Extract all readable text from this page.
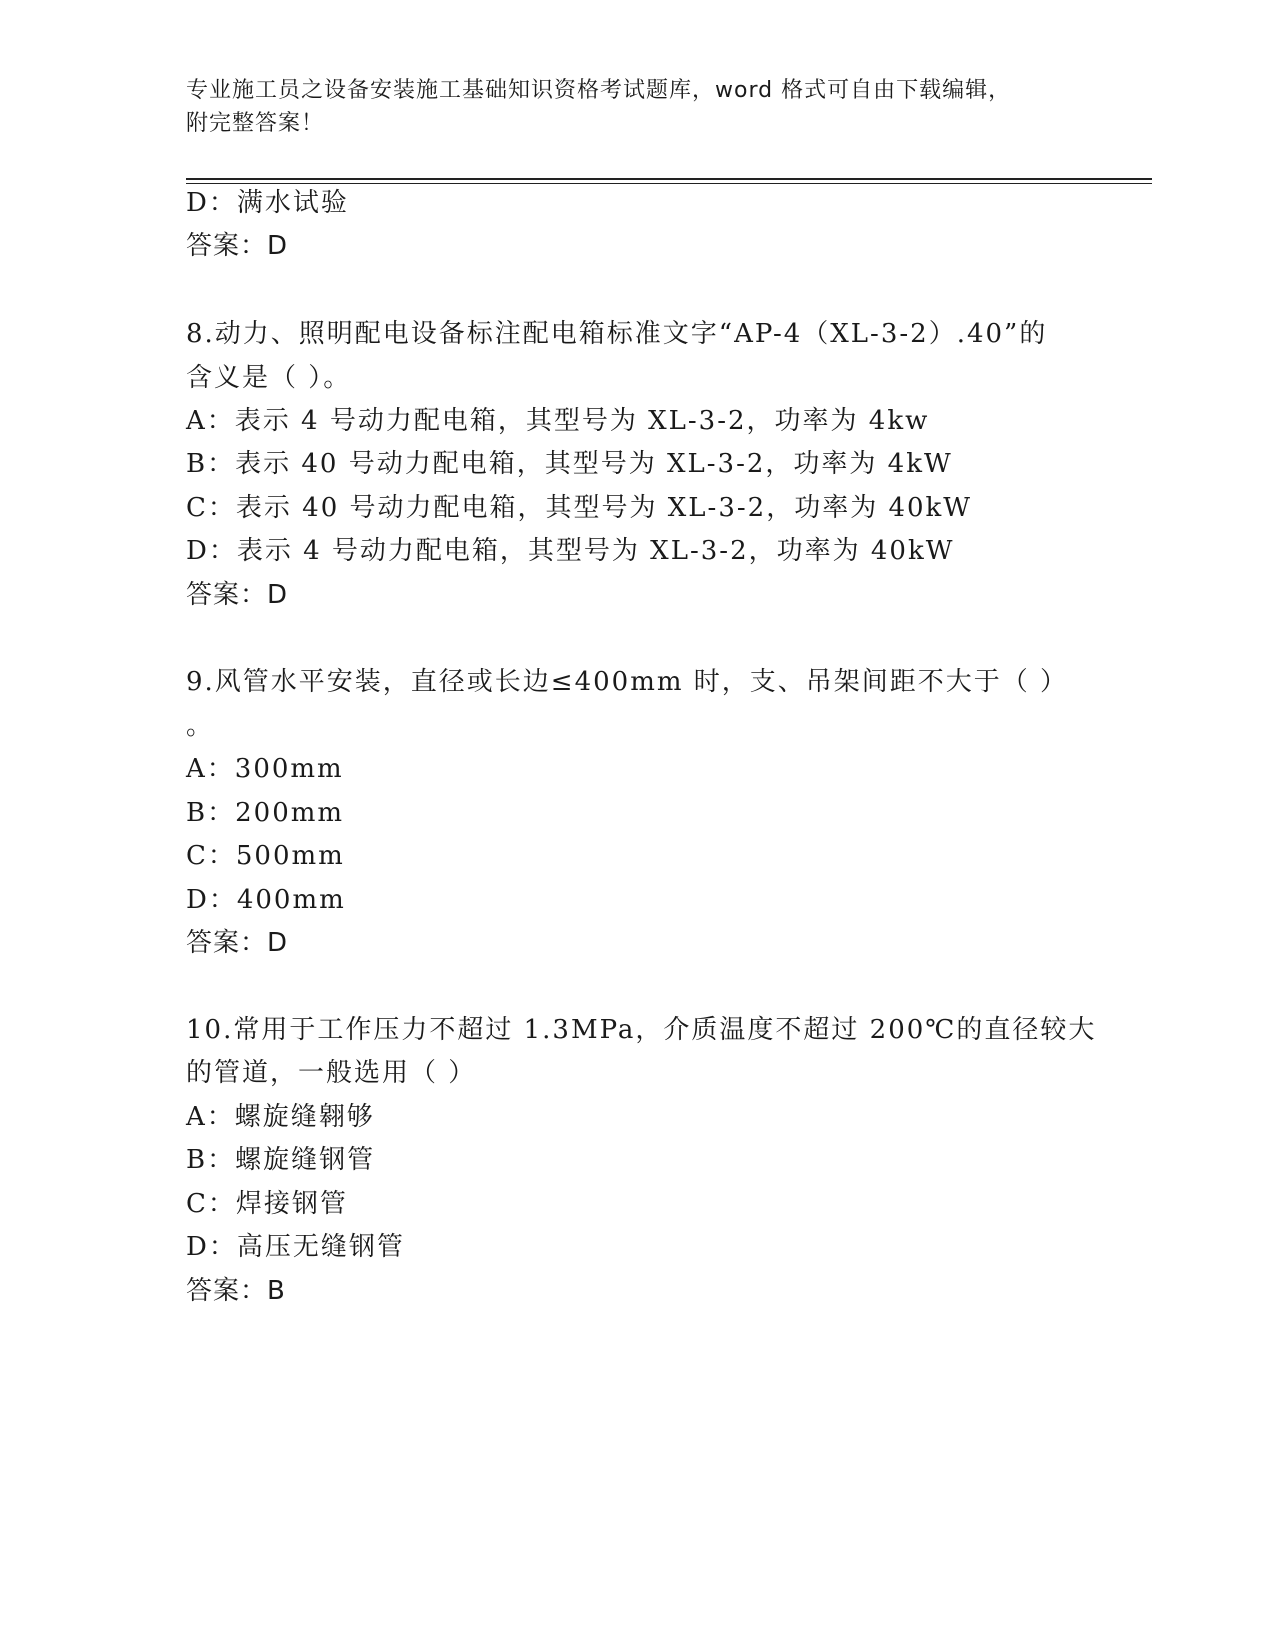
专业施工员之设备安装施工基础知识资格考试题库，word 格式可自由下载编辑，
附完整答案！
D：满水试验
答案：D
8.动力、照明配电设备标注配电箱标准文字“AP-4（XL-3-2）.40”的
含义是（ ）。
A：表示 4 号动力配电箱，其型号为 XL-3-2，功率为 4kw
B：表示 40 号动力配电箱，其型号为 XL-3-2，功率为 4kW
C：表示 40 号动力配电箱，其型号为 XL-3-2，功率为 40kW
D：表示 4 号动力配电箱，其型号为 XL-3-2，功率为 40kW
答案：D
9.风管水平安装，直径或长边≤400mm 时，支、吊架间距不大于（ ）
。
A：300mm
B：200mm
C：500mm
D：400mm
答案：D
10.常用于工作压力不超过 1.3MPa，介质温度不超过 200℃的直径较大
的管道，一般选用（ ）
A：螺旋缝翱够
B：螺旋缝钢管
C：焊接钢管
D：高压无缝钢管
答案：B
